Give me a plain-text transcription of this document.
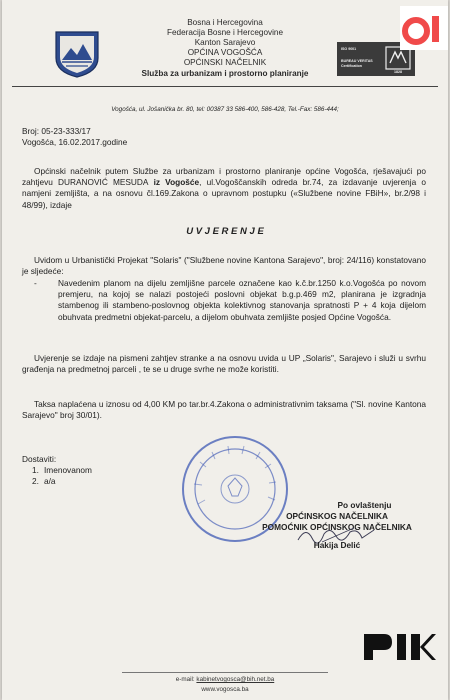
Bosna i Hercegovina
Federacija Bosne i Hercegovine
Kanton Sarajevo
OPĆINA VOGOŠĆA
OPĆINSKI NAČELNIK
Služba za urbanizam i prostorno planiranje
ISO 9001
BUREAU VERITAS
Certification
1828
Vogošća, ul. Jošanička br. 80, tel: 00387 33 586-400, 586-428, Tel.-Fax: 586-444;
Broj: 05-23-333/17
Vogošća, 16.02.2017.godine
Općinski načelnik putem Službe za urbanizam i prostorno planiranje općine Vogošća, rješavajući po zahtjevu DURANOVIĆ MESUDA iz Vogošće, ul.Vogoščanskih odreda br.74, za izdavanje uvjerenja o namjeni zemljišta, a na osnovu čl.169.Zakona o upravnom postupku («Službene novine FBiH», br.2/98 i 48/99), izdaje
U V J E R E N J E
Uvidom u Urbanistički Projekat "Solaris" ("Službene novine Kantona Sarajevo", broj: 24/116) konstatovano je sljedeće:
-	Navedenim planom na dijelu zemljišne parcele označene kao k.č.br.1250 k.o.Vogošća po novom premjeru, na kojoj se nalazi postojeći poslovni objekat b.g.p.469 m2, planirana je izgradnja stambenog ili stambeno-poslovnog objekta kolektivnog stanovanja spratnosti P + 4 koja dijelom obuhvata predmetni objekat-parcelu, a dijelom obuhvata zemljište posjed Općine Vogošća.
Uvjerenje se izdaje na pismeni zahtjev stranke a na osnovu uvida u UP „Solaris", Sarajevo i služi u svrhu građenja na predmetnoj parceli , te se u druge svrhe ne može koristiti.
Taksa naplaćena u iznosu od 4,00 KM po tar.br.4.Zakona o administrativnim taksama ("Sl. novine Kantona Sarajevo" broj 30/01).
Dostaviti:
1. Imenovanom
2. a/a
Po ovlaštenju
OPĆINSKOG NAČELNIKA
POMOĆNIK OPĆINSKOG NAČELNIKA
Hakija Delić
e-mail: kabinetvogosca@bih.net.ba
www.vogosca.ba
